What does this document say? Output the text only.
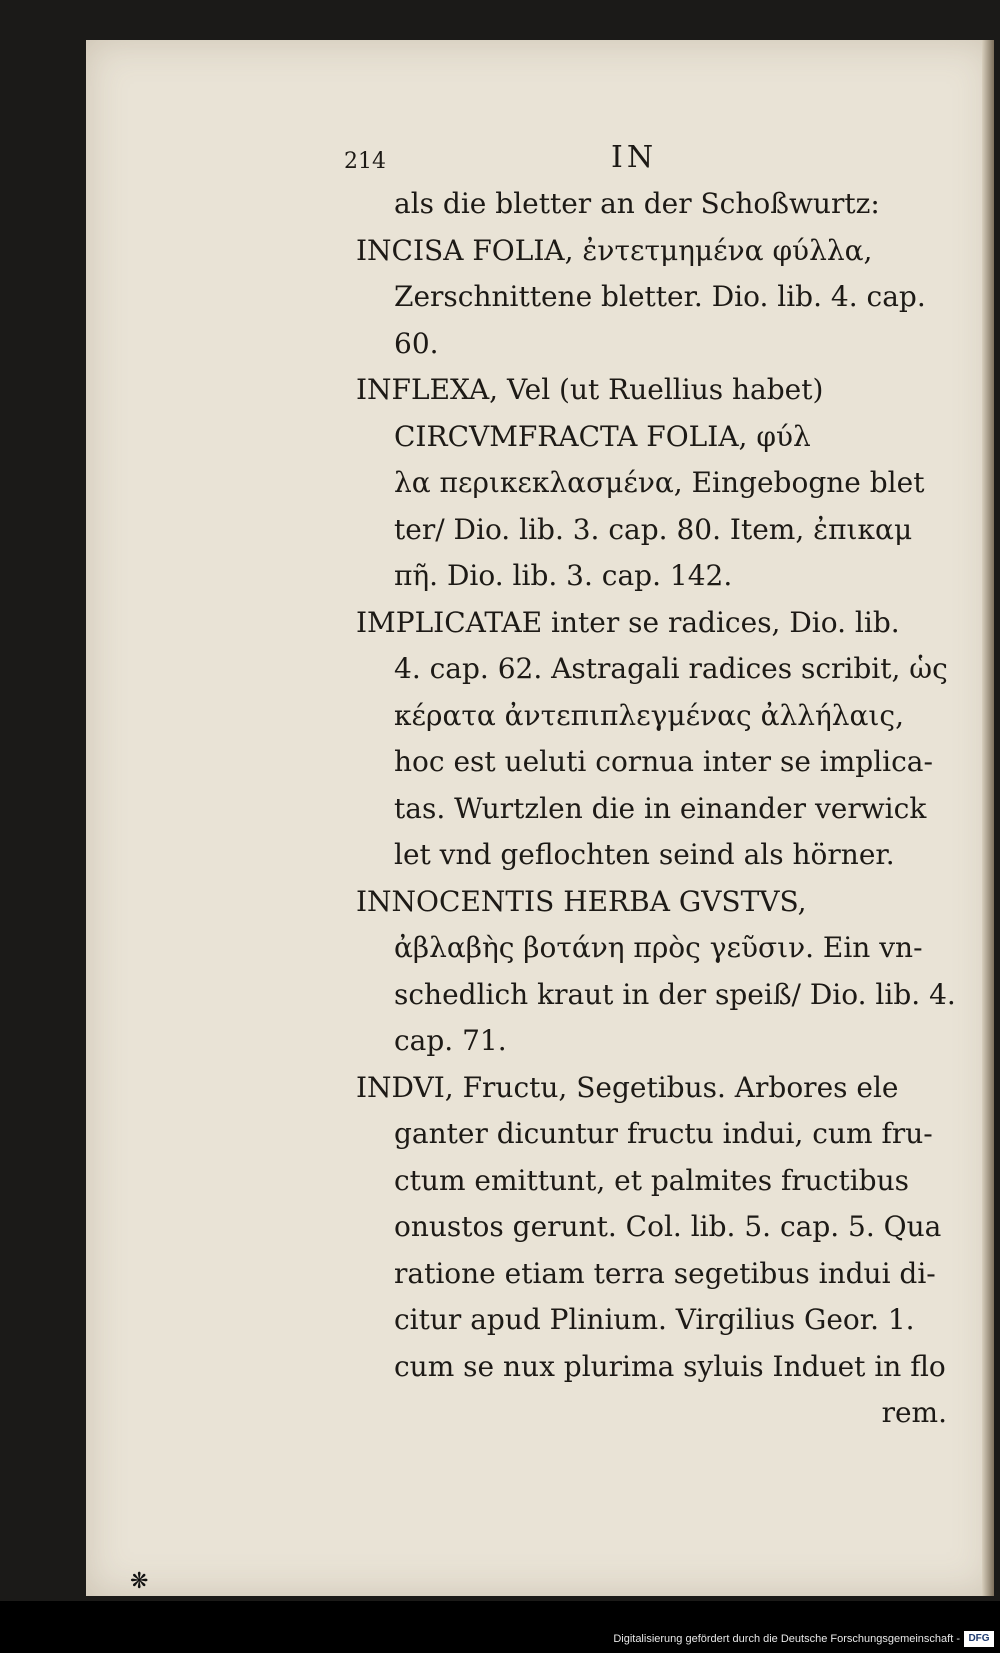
214	IN
als die bletter an der Schoßwurtz:
INCISA FOLIA, ἐντετμημένα φύλλα,
Zerschnittene bletter. Dio. lib. 4. cap.
60.
INFLEXA, Vel (ut Ruellius habet)
CIRCVMFRACTA FOLIA, φύλ
λα περικεκλασμένα, Eingebogne blet
ter/ Dio. lib. 3. cap. 80. Item, ἐπικαμ
πῆ. Dio. lib. 3. cap. 142.
IMPLICATAE inter se radices, Dio. lib.
4. cap. 62. Astragali radices scribit, ὡς
κέρατα ἀντεπιπλεγμένας ἀλλήλαις,
hoc est ueluti cornua inter se implica-
tas. Wurtzlen die in einander verwick
let vnd geflochten seind als hörner.
INNOCENTIS HERBA GVSTVS,
ἀβλαβὴς βοτάνη πρὸς γεῦσιν. Ein vn-
schedlich kraut in der speiß/ Dio. lib. 4.
cap. 71.
INDVI, Fructu, Segetibus. Arbores ele
ganter dicuntur fructu indui, cum fru-
ctum emittunt, et palmites fructibus
onustos gerunt. Col. lib. 5. cap. 5. Qua
ratione etiam terra segetibus indui di-
citur apud Plinium. Virgilius Geor. 1.
cum se nux plurima syluis Induet in flo
rem.
❋
Digitalisierung gefördert durch die Deutsche Forschungsgemeinschaft - DFG
